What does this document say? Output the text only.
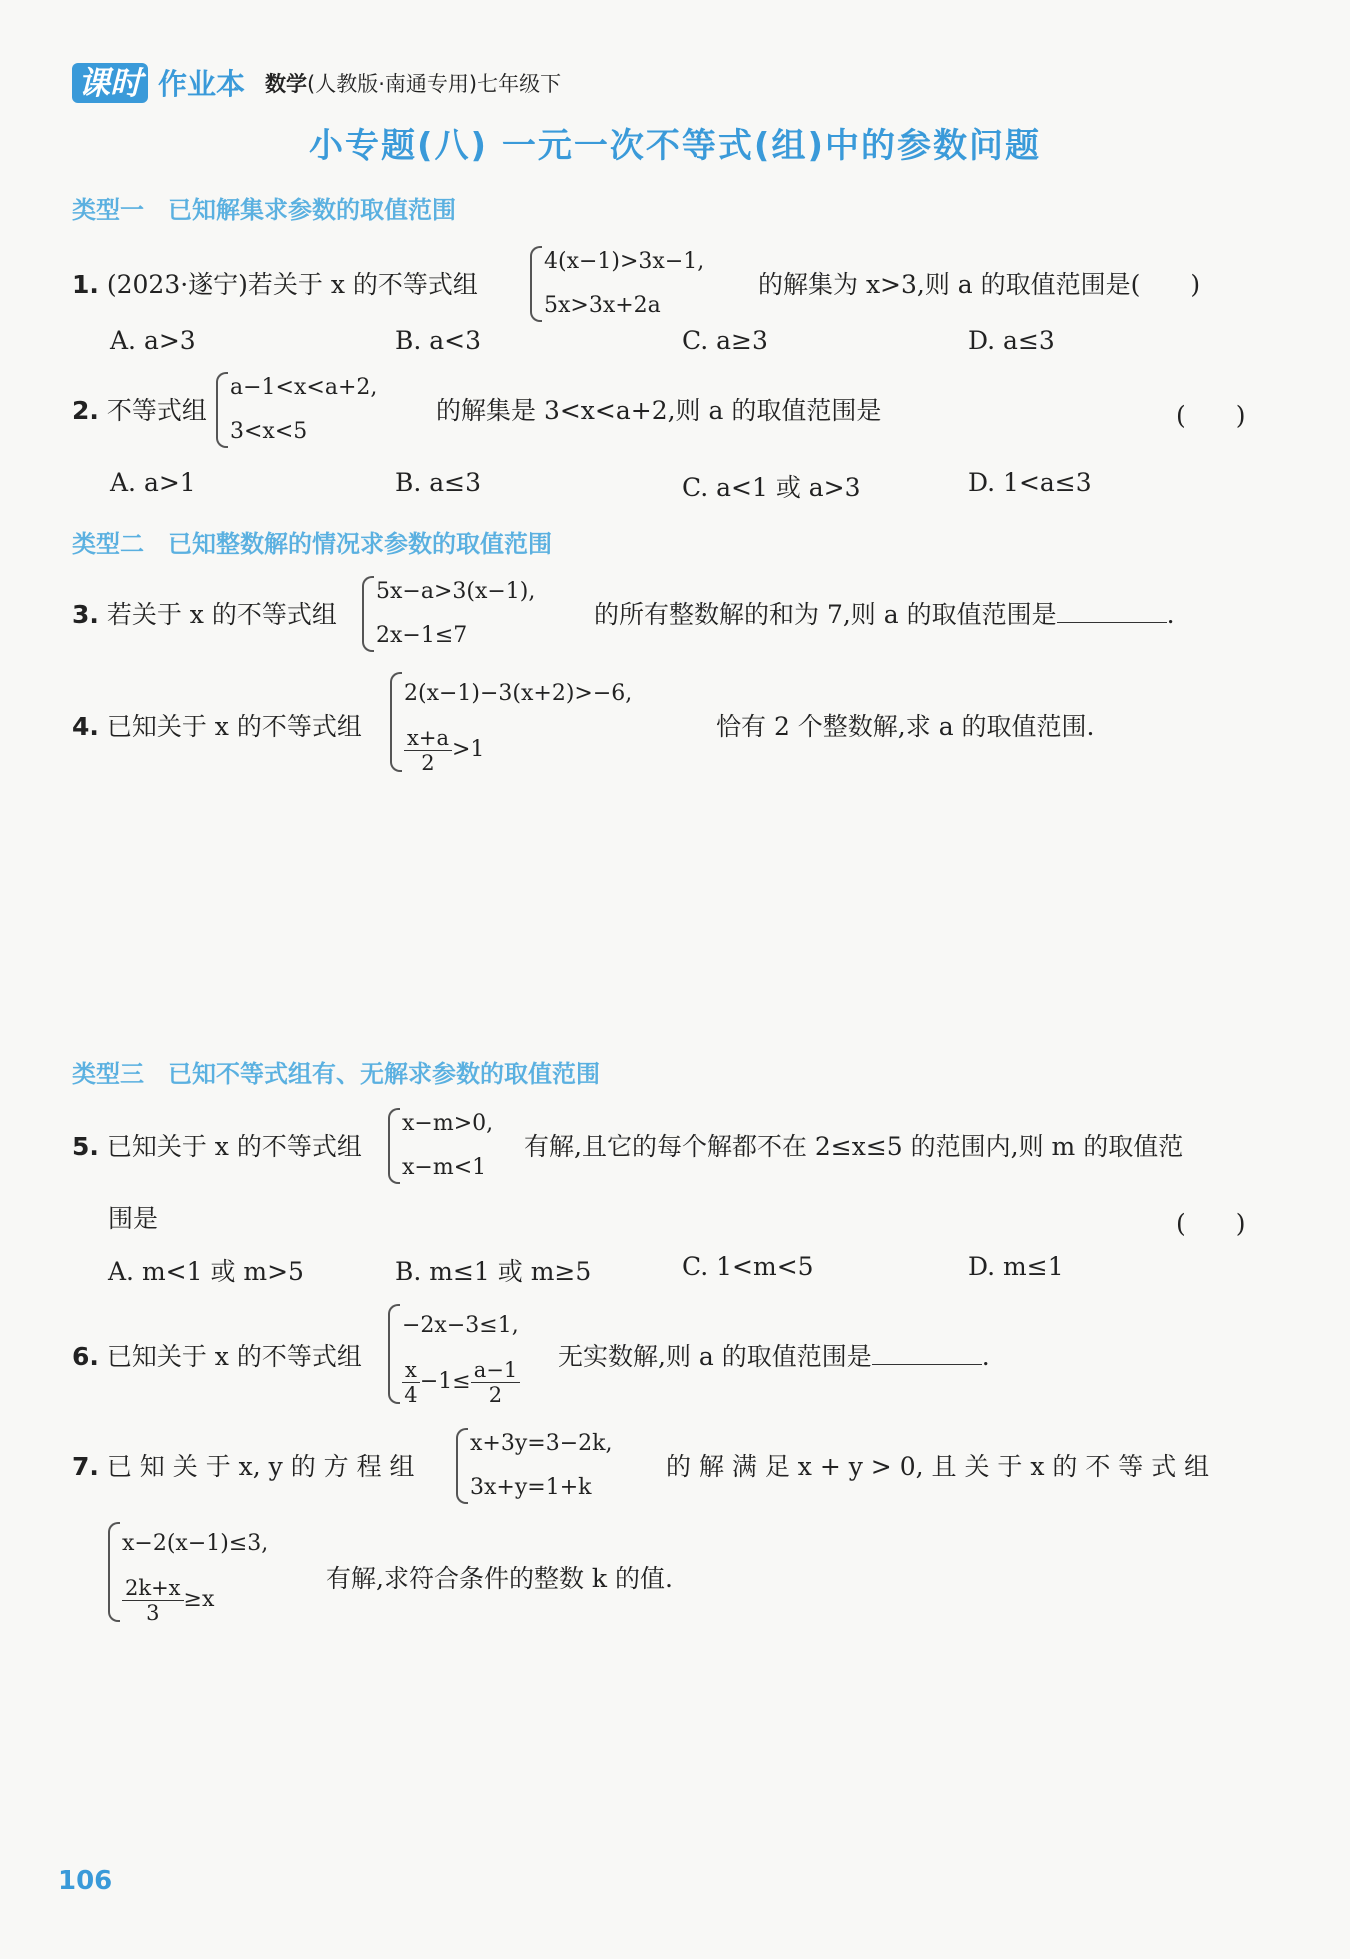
课时 作业本 数学(人教版·南通专用)七年级下
小专题(八) 一元一次不等式(组)中的参数问题
类型一　已知解集求参数的取值范围
1. (2023·遂宁)若关于 x 的不等式组
4(x−1)>3x−1,
5x>3x+2a
的解集为 x>3,则 a 的取值范围是(　　)
A. a>3	B. a<3	C. a≥3	D. a≤3
2. 不等式组
a−1<x<a+2,
3<x<5
的解集是 3<x<a+2,则 a 的取值范围是	(　　)
A. a>1	B. a≤3	C. a<1 或 a>3	D. 1<a≤3
类型二　已知整数解的情况求参数的取值范围
3. 若关于 x 的不等式组
5x−a>3(x−1),
2x−1≤7
的所有整数解的和为 7,则 a 的取值范围是	.
4. 已知关于 x 的不等式组
2(x−1)−3(x+2)>−6,
$\frac{x+a}{2} >1$
恰有 2 个整数解,求 a 的取值范围.
类型三　已知不等式组有、无解求参数的取值范围
5. 已知关于 x 的不等式组
x−m>0,
x−m<1
有解,且它的每个解都不在 2≤x≤5 的范围内,则 m 的取值范
围是	(　　)
A. m<1 或 m>5	B. m≤1 或 m≥5	C. 1<m<5	D. m≤1
6. 已知关于 x 的不等式组
−2x−3≤1,
$\frac{x}{4} -1\le \frac{a-1}{2}$
无实数解,则 a 的取值范围是	.
7. 已 知 关 于 x, y 的 方 程 组
x+3y=3−2k,
3x+y=1+k
的 解 满 足 x + y > 0, 且 关 于 x 的 不 等 式 组
x−2(x−1)≤3,
$\frac{2k+x}{3} \ge x$
有解,求符合条件的整数 k 的值.
106
